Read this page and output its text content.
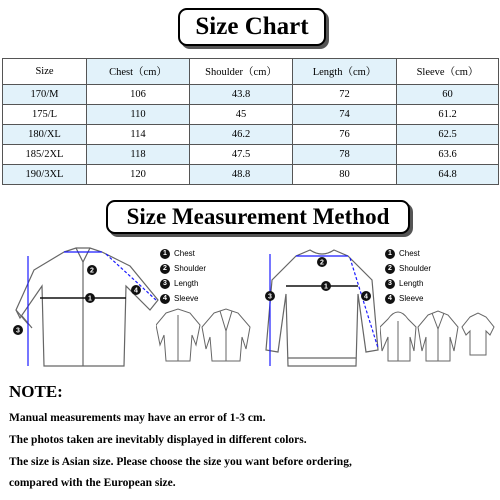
Size Chart
Size	Chest（cm）	Shoulder（cm）	Length（cm）	Sleeve（cm）
170/M	106	43.8	72	60
175/L	110	45	74	61.2
180/XL	114	46.2	76	62.5
185/2XL	118	47.5	78	63.6
190/3XL	120	48.8	80	64.8
Size Measurement Method
1
2
3
4
1 Chest
2 Shoulder
3 Length
4 Sleeve
1
2
3	4
1 Chest
2 Shoulder
3 Length
4 Sleeve
NOTE:
Manual measurements may have an error of 1-3 cm.
The photos taken are inevitably displayed in different colors.
The size is Asian size. Please choose the size you want before ordering,
compared with the European size.
